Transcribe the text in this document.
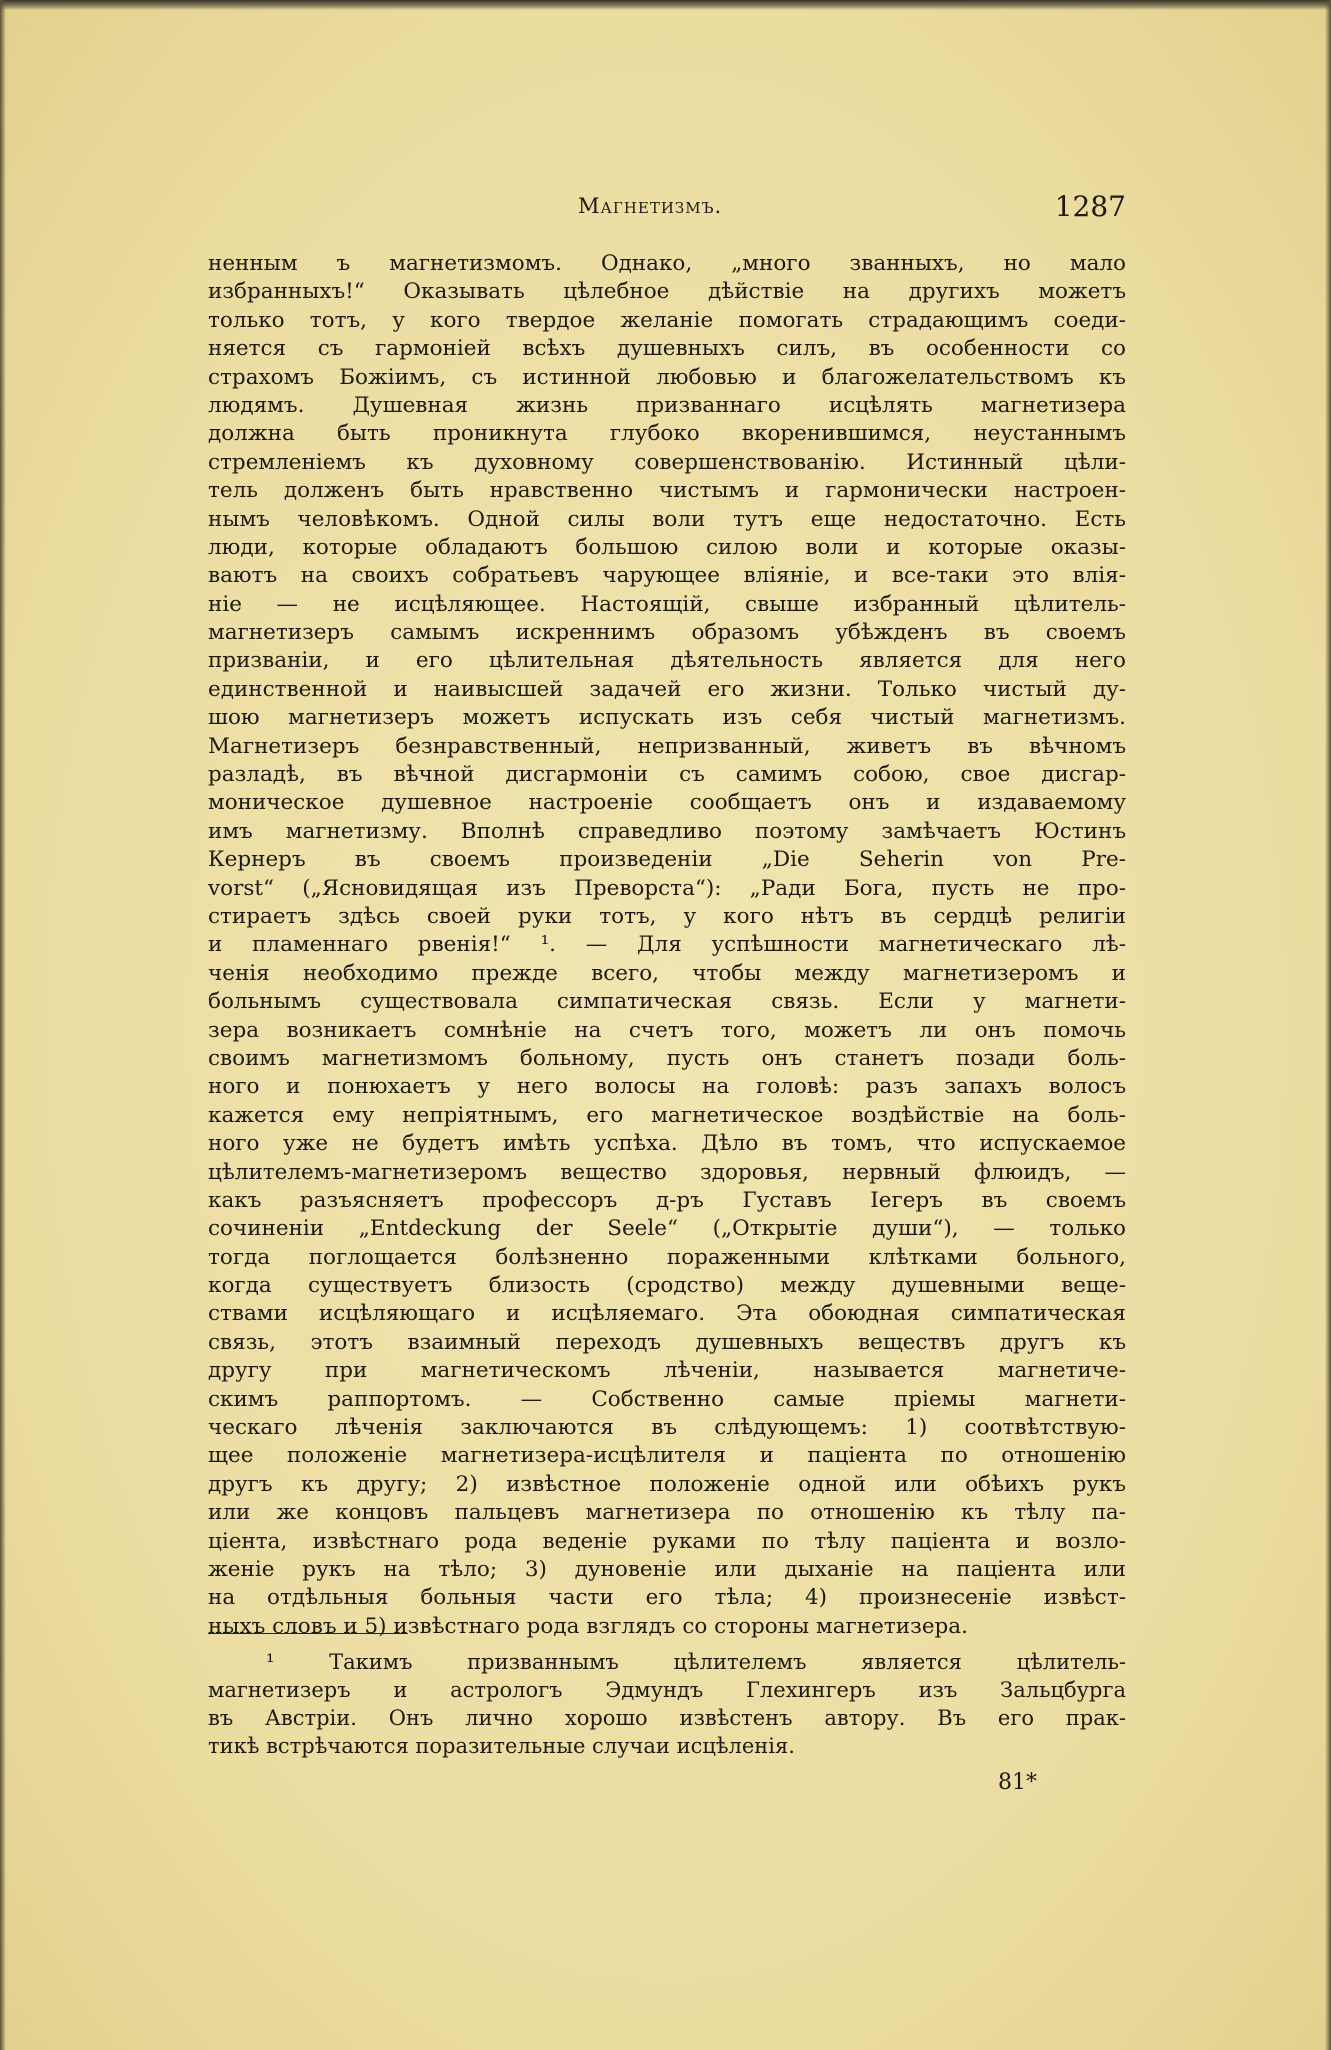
Магнетизмъ.	1287
ненным ъ магнетизмомъ. Однако, „много званныхъ, но мало
избранныхъ!“ Оказывать цѣлебное дѣйствіе на другихъ можетъ
только тотъ, у кого твердое желаніе помогать страдающимъ соеди-
няется съ гармоніей всѣхъ душевныхъ силъ, въ особенности со
страхомъ Божіимъ, съ истинной любовью и благожелательствомъ къ
людямъ. Душевная жизнь призваннаго исцѣлять магнетизера
должна быть проникнута глубоко вкоренившимся, неустаннымъ
стремленіемъ къ духовному совершенствованію. Истинный цѣли-
тель долженъ быть нравственно чистымъ и гармонически настроен-
нымъ человѣкомъ. Одной силы воли тутъ еще недостаточно. Есть
люди, которые обладаютъ большою силою воли и которые оказы-
ваютъ на своихъ собратьевъ чарующее вліяніе, и все-таки это влія-
ніе — не исцѣляющее. Настоящій, свыше избранный цѣлитель-
магнетизеръ самымъ искреннимъ образомъ убѣжденъ въ своемъ
призваніи, и его цѣлительная дѣятельность является для него
единственной и наивысшей задачей его жизни. Только чистый ду-
шою магнетизеръ можетъ испускать изъ себя чистый магнетизмъ.
Магнетизеръ безнравственный, непризванный, живетъ въ вѣчномъ
разладѣ, въ вѣчной дисгармоніи съ самимъ собою, свое дисгар-
моническое душевное настроеніе сообщаетъ онъ и издаваемому
имъ магнетизму. Вполнѣ справедливо поэтому замѣчаетъ Юстинъ
Кернеръ въ своемъ произведеніи „Die Seherin von Pre-
vorst“ („Ясновидящая изъ Преворста“): „Ради Бога, пусть не про-
стираетъ здѣсь своей руки тотъ, у кого нѣтъ въ сердцѣ религіи
и пламеннаго рвенія!“ ¹. — Для успѣшности магнетическаго лѣ-
ченія необходимо прежде всего, чтобы между магнетизеромъ и
больнымъ существовала симпатическая связь. Если у магнети-
зера возникаетъ сомнѣніе на счетъ того, можетъ ли онъ помочь
своимъ магнетизмомъ больному, пусть онъ станетъ позади боль-
ного и понюхаетъ у него волосы на головѣ: разъ запахъ волосъ
кажется ему непріятнымъ, его магнетическое воздѣйствіе на боль-
ного уже не будетъ имѣть успѣха. Дѣло въ томъ, что испускаемое
цѣлителемъ-магнетизеромъ вещество здоровья, нервный флюидъ, —
какъ разъясняетъ профессоръ д-ръ Густавъ Іегеръ въ своемъ
сочиненіи „Entdeckung der Seele“ („Открытіе души“), — только
тогда поглощается болѣзненно пораженными клѣтками больного,
когда существуетъ близость (сродство) между душевными веще-
ствами исцѣляющаго и исцѣляемаго. Эта обоюдная симпатическая
связь, этотъ взаимный переходъ душевныхъ веществъ другъ къ
другу при магнетическомъ лѣченіи, называется магнетиче-
скимъ раппортомъ. — Собственно самые пріемы магнети-
ческаго лѣченія заключаются въ слѣдующемъ: 1) соотвѣтствую-
щее положеніе магнетизера-исцѣлителя и паціента по отношенію
другъ къ другу; 2) извѣстное положеніе одной или обѣихъ рукъ
или же концовъ пальцевъ магнетизера по отношенію къ тѣлу па-
ціента, извѣстнаго рода веденіе руками по тѣлу паціента и возло-
женіе рукъ на тѣло; 3) дуновеніе или дыханіе на паціента или
на отдѣльныя больныя части его тѣла; 4) произнесеніе извѣст-
ныхъ словъ и 5) извѣстнаго рода взглядъ со стороны магнетизера.
¹ Такимъ призваннымъ цѣлителемъ является цѣлитель-
магнетизеръ и астрологъ Эдмундъ Глехингеръ изъ Зальцбурга
въ Австріи. Онъ лично хорошо извѣстенъ автору. Въ его прак-
тикѣ встрѣчаются поразительные случаи исцѣленія.
81*
